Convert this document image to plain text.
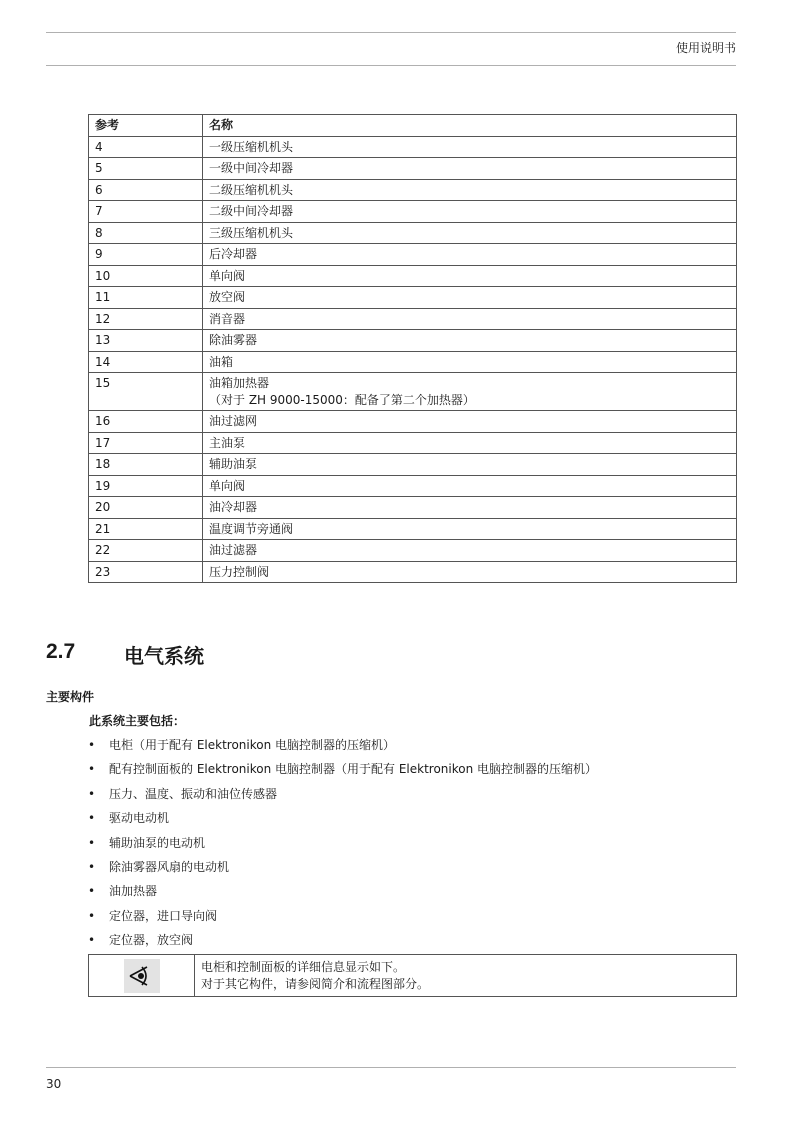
使用说明书
参考	名称
4	一级压缩机机头

5	一级中间冷却器

6	二级压缩机机头

7	二级中间冷却器

8	三级压缩机机头

9	后冷却器

10	单向阀

11	放空阀

12	消音器

13	除油雾器

14	油箱

15	油箱加热器
（对于 ZH 9000-15000：配备了第二个加热器）

16	油过滤网

17	主油泵

18	辅助油泵

19	单向阀

20	油冷却器

21	温度调节旁通阀

22	油过滤器

23	压力控制阀
2.7 电气系统
主要构件
此系统主要包括：
• 电柜（用于配有 Elektronikon 电脑控制器的压缩机）
• 配有控制面板的 Elektronikon 电脑控制器（用于配有 Elektronikon 电脑控制器的压缩机）
• 压力、温度、振动和油位传感器
• 驱动电动机
• 辅助油泵的电动机
• 除油雾器风扇的电动机
• 油加热器
• 定位器，进口导向阀
• 定位器，放空阀

电柜和控制面板的详细信息显示如下。
对于其它构件，请参阅简介和流程图部分。
30
